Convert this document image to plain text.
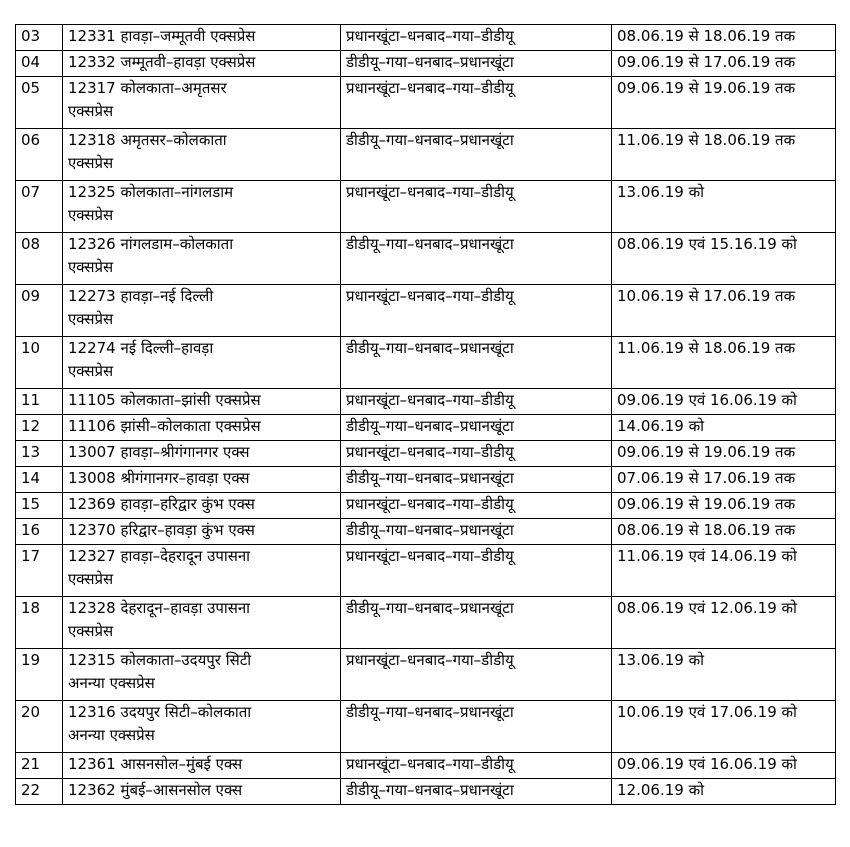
03	12331 हावड़ा–जम्मूतवी एक्सप्रेस	प्रधानखूंटा–धनबाद–गया–डीडीयू	08.06.19 से 18.06.19 तक

04	12332 जम्मूतवी–हावड़ा एक्सप्रेस	डीडीयू–गया–धनबाद–प्रधानखूंटा	09.06.19 से 17.06.19 तक

05	12317 कोलकाता–अमृतसर
एक्सप्रेस	प्रधानखूंटा–धनबाद–गया–डीडीयू	09.06.19 से 19.06.19 तक

06	12318 अमृतसर–कोलकाता
एक्सप्रेस	डीडीयू–गया–धनबाद–प्रधानखूंटा	11.06.19 से 18.06.19 तक

07	12325 कोलकाता–नांगलडाम
एक्सप्रेस	प्रधानखूंटा–धनबाद–गया–डीडीयू	13.06.19 को

08	12326 नांगलडाम–कोलकाता
एक्सप्रेस	डीडीयू–गया–धनबाद–प्रधानखूंटा	08.06.19 एवं 15.16.19 को

09	12273 हावड़ा–नई दिल्ली
एक्सप्रेस	प्रधानखूंटा–धनबाद–गया–डीडीयू	10.06.19 से 17.06.19 तक

10	12274 नई दिल्ली–हावड़ा
एक्सप्रेस	डीडीयू–गया–धनबाद–प्रधानखूंटा	11.06.19 से 18.06.19 तक

11	11105 कोलकाता–झांसी एक्सप्रेस	प्रधानखूंटा–धनबाद–गया–डीडीयू	09.06.19 एवं 16.06.19 को

12	11106 झांसी–कोलकाता एक्सप्रेस	डीडीयू–गया–धनबाद–प्रधानखूंटा	14.06.19 को

13	13007 हावड़ा–श्रीगंगानगर एक्स	प्रधानखूंटा–धनबाद–गया–डीडीयू	09.06.19 से 19.06.19 तक

14	13008 श्रीगंगानगर–हावड़ा एक्स	डीडीयू–गया–धनबाद–प्रधानखूंटा	07.06.19 से 17.06.19 तक

15	12369 हावड़ा–हरिद्वार कुंभ एक्स	प्रधानखूंटा–धनबाद–गया–डीडीयू	09.06.19 से 19.06.19 तक

16	12370 हरिद्वार–हावड़ा कुंभ एक्स	डीडीयू–गया–धनबाद–प्रधानखूंटा	08.06.19 से 18.06.19 तक

17	12327 हावड़ा–देहरादून उपासना
एक्सप्रेस	प्रधानखूंटा–धनबाद–गया–डीडीयू	11.06.19 एवं 14.06.19 को

18	12328 देहरादून–हावड़ा उपासना
एक्सप्रेस	डीडीयू–गया–धनबाद–प्रधानखूंटा	08.06.19 एवं 12.06.19 को

19	12315 कोलकाता–उदयपुर सिटी
अनन्या एक्सप्रेस	प्रधानखूंटा–धनबाद–गया–डीडीयू	13.06.19 को

20	12316 उदयपुर सिटी–कोलकाता
अनन्या एक्सप्रेस	डीडीयू–गया–धनबाद–प्रधानखूंटा	10.06.19 एवं 17.06.19 को

21	12361 आसनसोल–मुंबई एक्स	प्रधानखूंटा–धनबाद–गया–डीडीयू	09.06.19 एवं 16.06.19 को

22	12362 मुंबई–आसनसोल एक्स	डीडीयू–गया–धनबाद–प्रधानखूंटा	12.06.19 को
